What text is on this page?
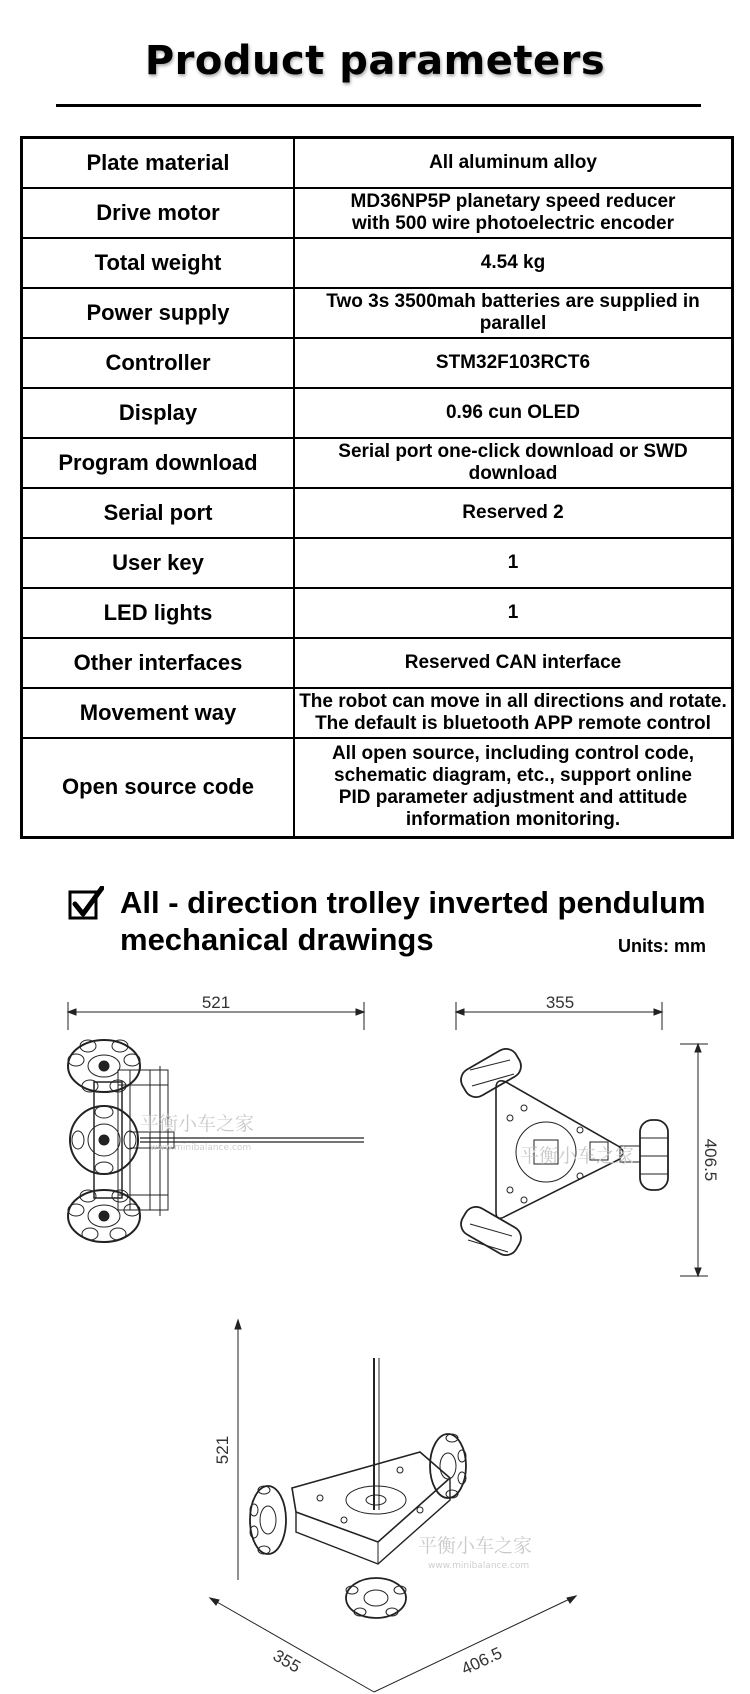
Product parameters
Plate material	All aluminum alloy
Drive motor	MD36NP5P planetary speed reducer
with 500 wire photoelectric encoder
Total weight	4.54 kg
Power supply	Two 3s 3500mah batteries are supplied in
parallel
Controller	STM32F103RCT6
Display	0.96 cun OLED
Program download	Serial port one-click download or SWD download
Serial port	Reserved 2
User key	1
LED lights	1
Other interfaces	Reserved CAN interface
Movement way	The robot can move in all directions and rotate.
The default is bluetooth APP remote control
Open source code	All open source, including control code,
schematic diagram, etc., support online
PID parameter adjustment and attitude
information monitoring.
All - direction trolley inverted pendulum
mechanical drawings	Units: mm
521
平衡小车之家
www.minibalance.com
355
406.5
平衡小车之家
521
355	406.5
平衡小车之家
www.minibalance.com
